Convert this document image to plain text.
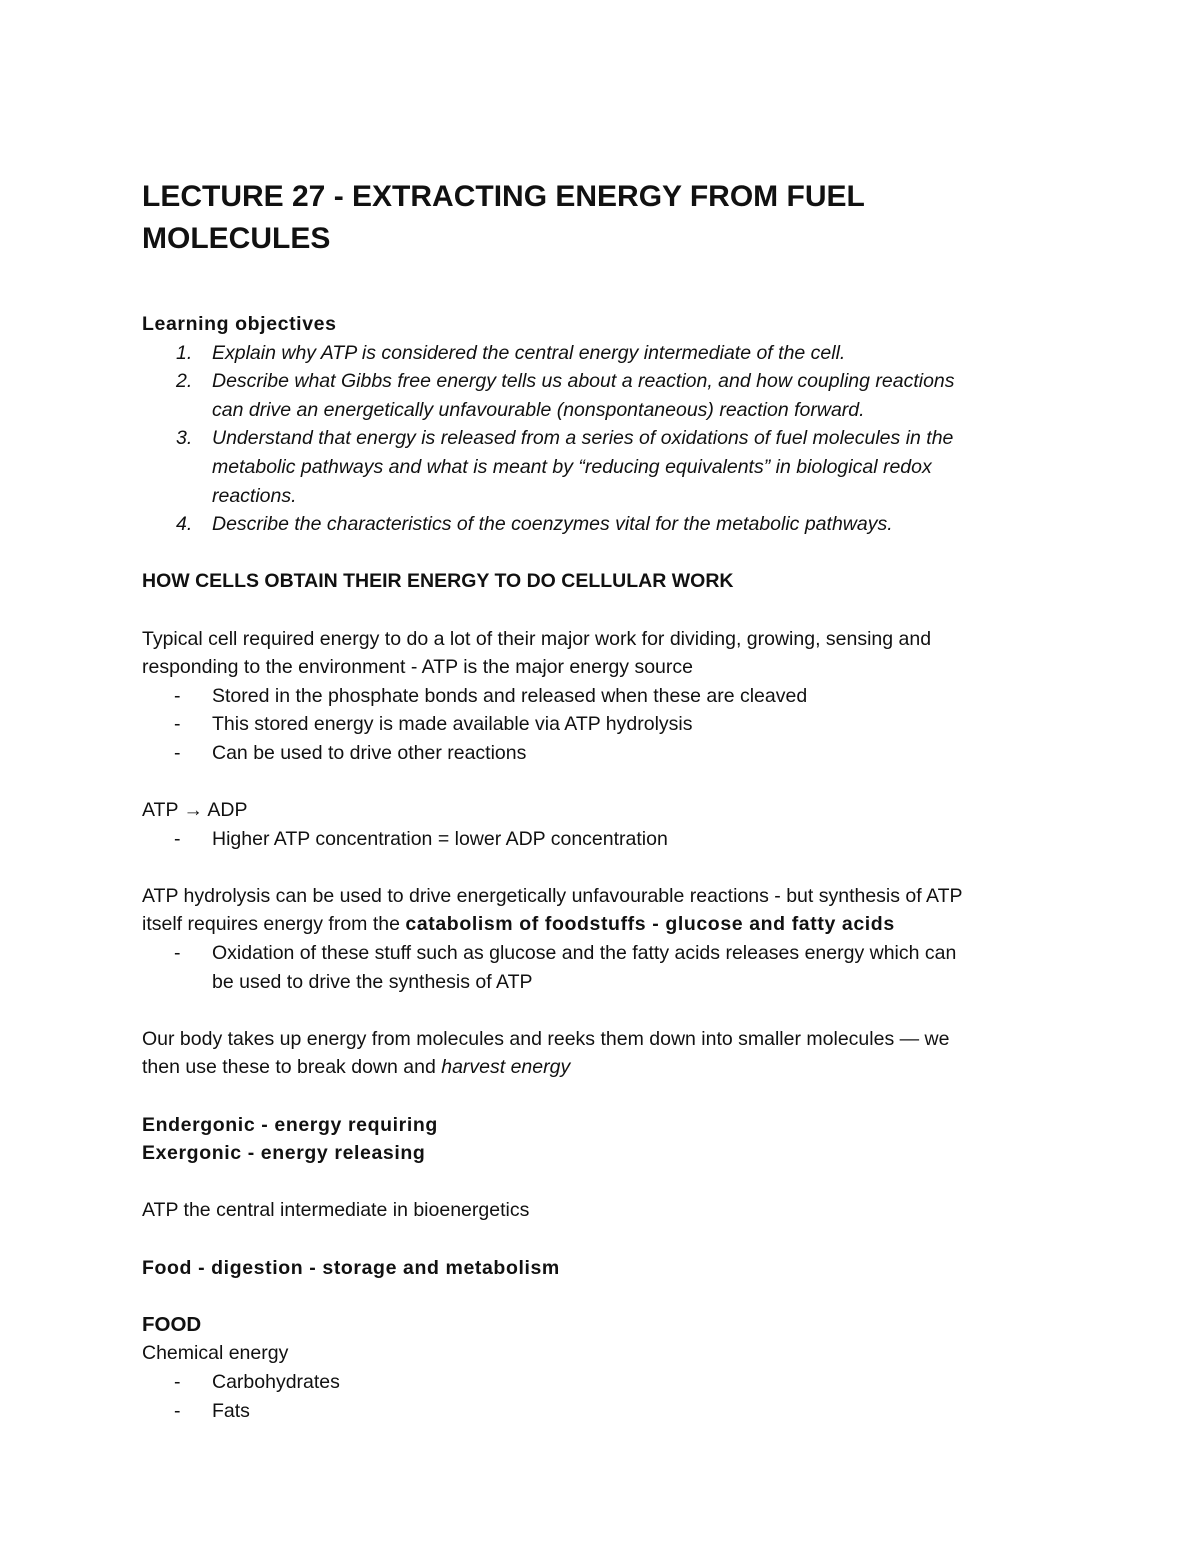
LECTURE 27 - EXTRACTING ENERGY FROM FUEL
MOLECULES

Learning objectives

1. Explain why ATP is considered the central energy intermediate of the cell.
2. Describe what Gibbs free energy tells us about a reaction, and how coupling reactions
can drive an energetically unfavourable (nonspontaneous) reaction forward.
3. Understand that energy is released from a series of oxidations of fuel molecules in the
metabolic pathways and what is meant by “reducing equivalents” in biological redox
reactions.
4. Describe the characteristics of the coenzymes vital for the metabolic pathways.

HOW CELLS OBTAIN THEIR ENERGY TO DO CELLULAR WORK

Typical cell required energy to do a lot of their major work for dividing, growing, sensing and
responding to the environment - ATP is the major energy source

- Stored in the phosphate bonds and released when these are cleaved
- This stored energy is made available via ATP hydrolysis
- Can be used to drive other reactions

ATP → ADP

- Higher ATP concentration = lower ADP concentration

ATP hydrolysis can be used to drive energetically unfavourable reactions - but synthesis of ATP
itself requires energy from the catabolism of foodstuffs - glucose and fatty acids

- Oxidation of these stuff such as glucose and the fatty acids releases energy which can
be used to drive the synthesis of ATP

Our body takes up energy from molecules and reeks them down into smaller molecules — we
then use these to break down and harvest energy

Endergonic - energy requiring

Exergonic - energy releasing

ATP the central intermediate in bioenergetics

Food - digestion - storage and metabolism

FOOD

Chemical energy

- Carbohydrates
- Fats
